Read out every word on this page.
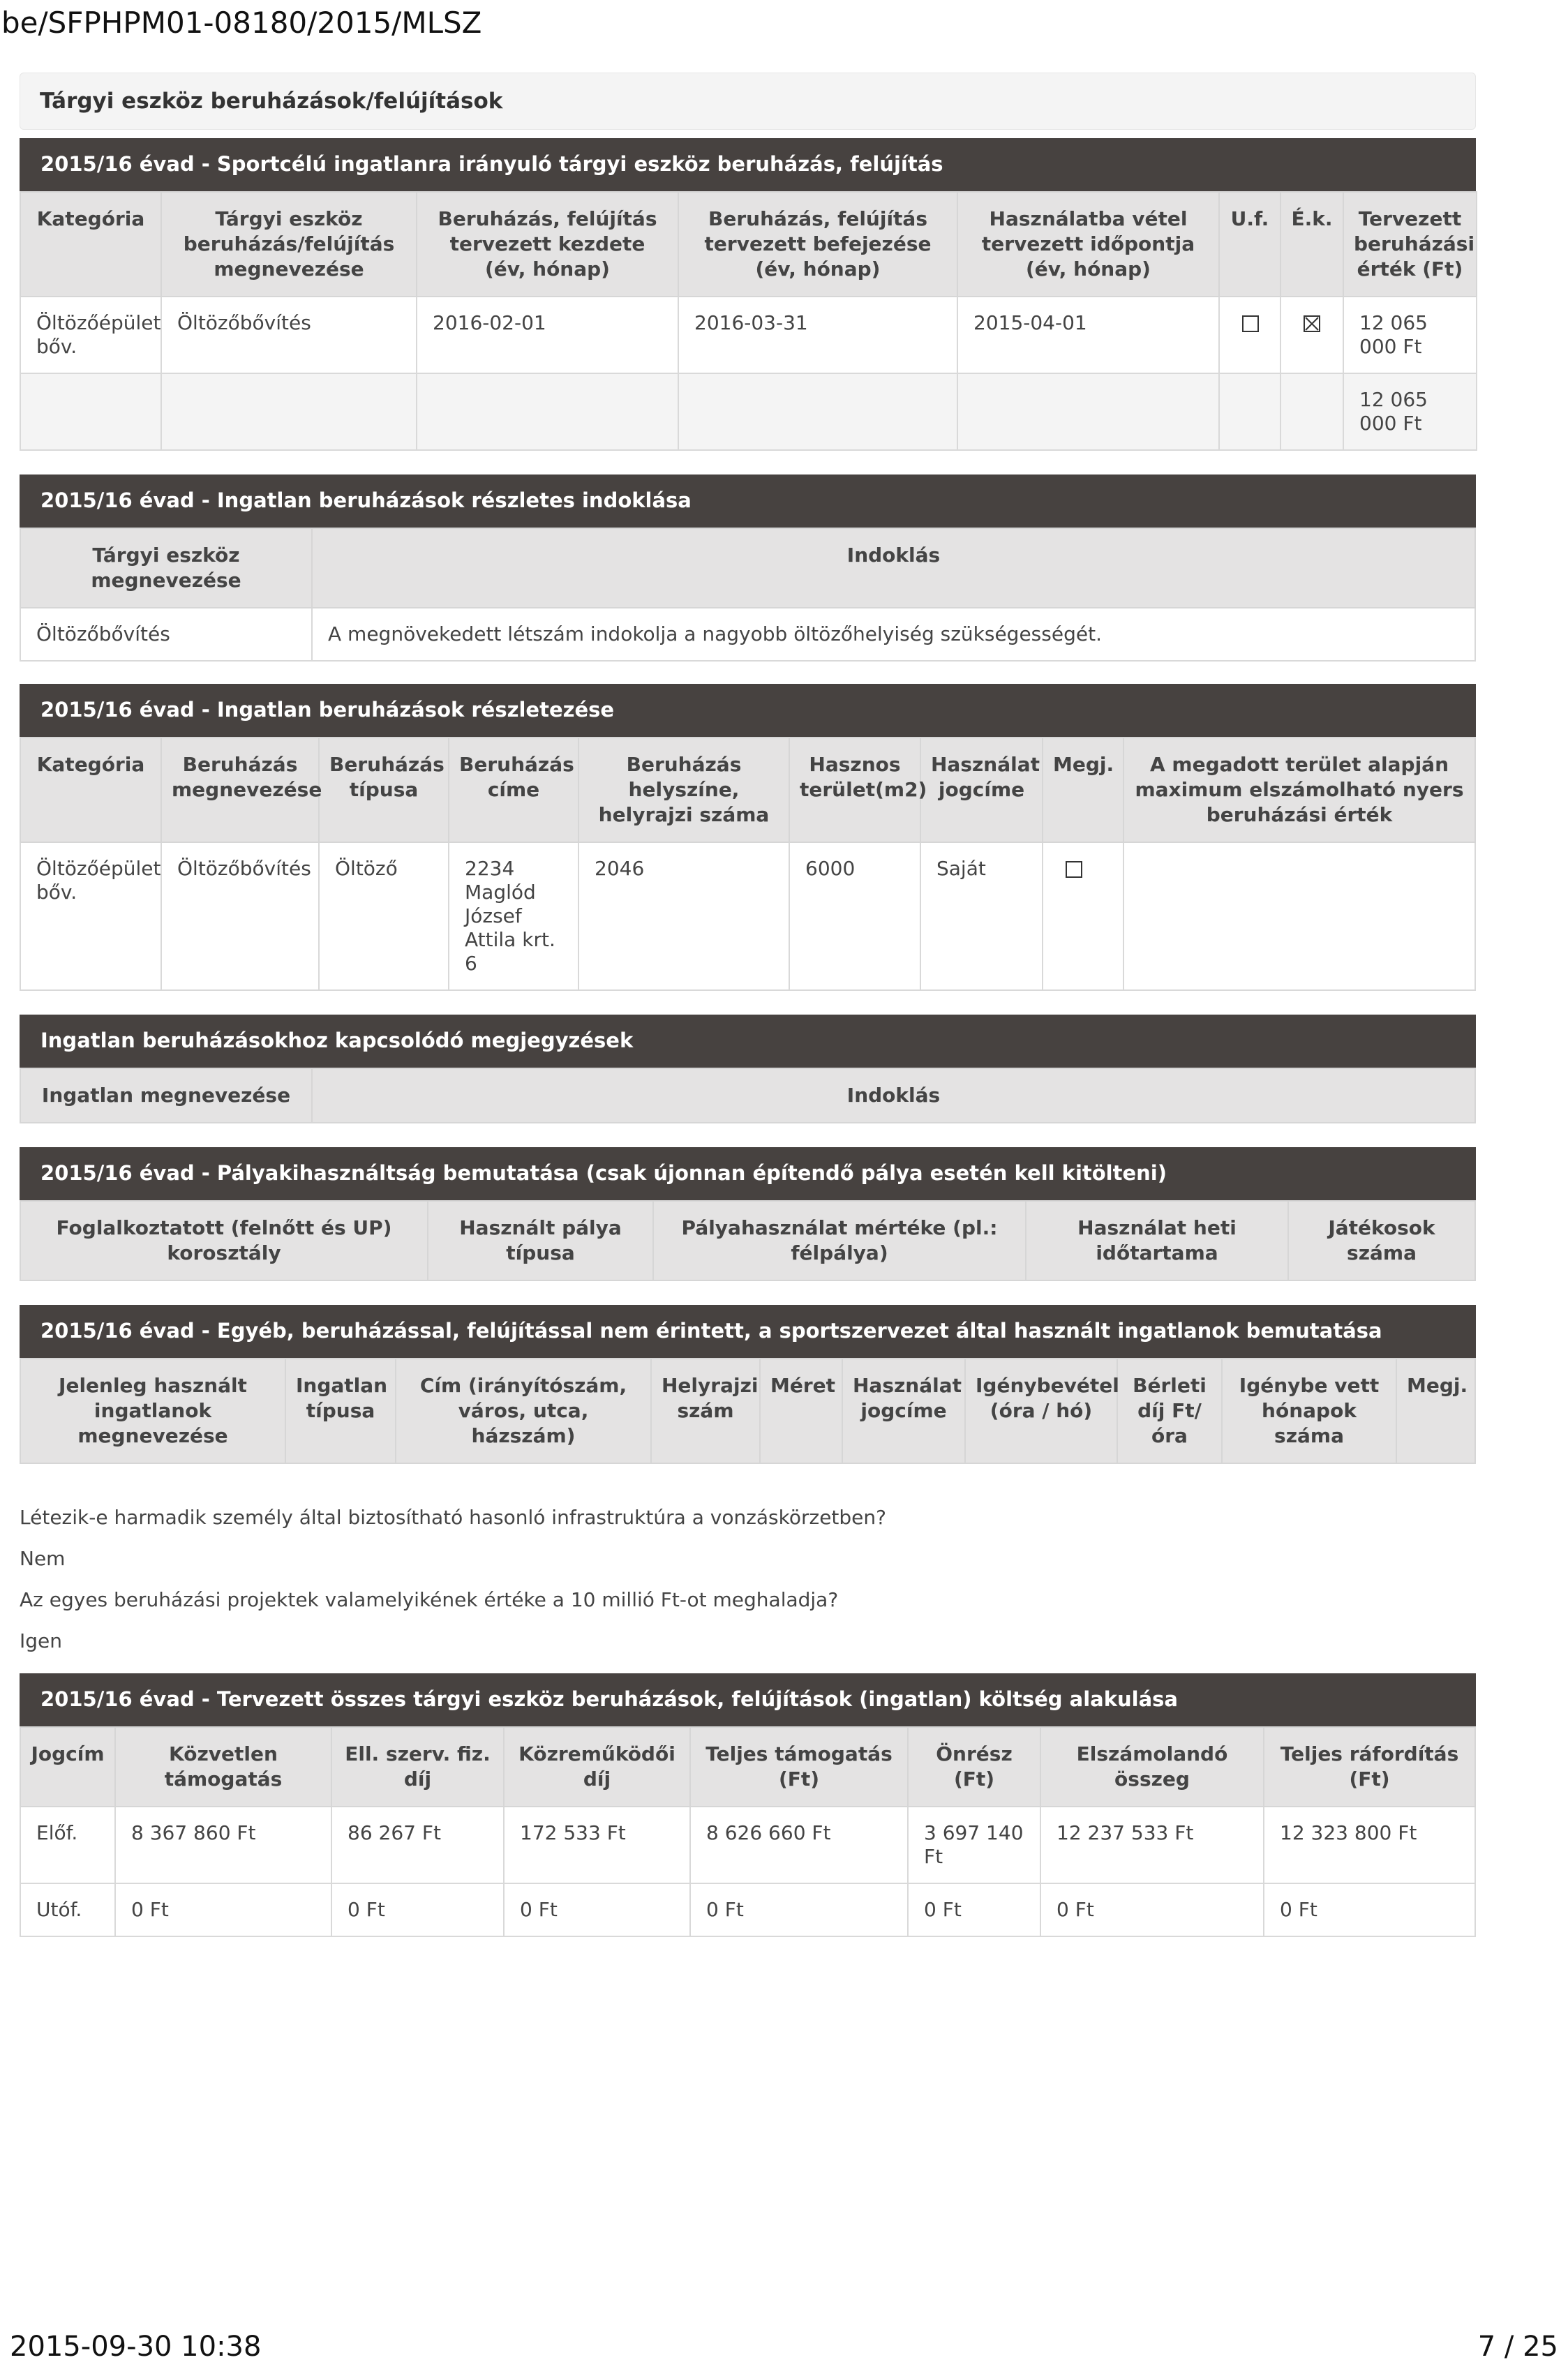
be/SFPHPM01-08180/2015/MLSZ
Tárgyi eszköz beruházások/felújítások
2015/16 évad - Sportcélú ingatlanra irányuló tárgyi eszköz beruházás, felújítás
Kategória	Tárgyi eszköz beruházás/felújítás megnevezése	Beruházás, felújítás tervezett kezdete (év, hónap)	Beruházás, felújítás tervezett befejezése (év, hónap)	Használatba vétel tervezett időpontja (év, hónap)	U.f.	É.k.	Tervezett beruházási érték (Ft)
Öltözőépület bőv.	Öltözőbővítés	2016-02-01	2016-03-31	2015-04-01			12 065 000 Ft
							12 065 000 Ft
2015/16 évad - Ingatlan beruházások részletes indoklása
Tárgyi eszköz megnevezése	Indoklás
Öltözőbővítés	A megnövekedett létszám indokolja a nagyobb öltözőhelyiség szükségességét.
2015/16 évad - Ingatlan beruházások részletezése
Kategória	Beruházás megnevezése	Beruházás típusa	Beruházás címe	Beruházás helyszíne, helyrajzi száma	Hasznos terület(m2)	Használat jogcíme	Megj.	A megadott terület alapján maximum elszámolható nyers beruházási érték
Öltözőépület bőv.	Öltözőbővítés	Öltöző	2234 Maglód József Attila krt. 6	2046	6000	Saját		
Ingatlan beruházásokhoz kapcsolódó megjegyzések
Ingatlan megnevezése	Indoklás
2015/16 évad - Pályakihasználtság bemutatása (csak újonnan építendő pálya esetén kell kitölteni)
Foglalkoztatott (felnőtt és UP) korosztály	Használt pálya típusa	Pályahasználat mértéke (pl.: félpálya)	Használat heti időtartama	Játékosok száma
2015/16 évad - Egyéb, beruházással, felújítással nem érintett, a sportszervezet által használt ingatlanok bemutatása
Jelenleg használt ingatlanok megnevezése	Ingatlan típusa	Cím (irányítószám, város, utca, házszám)	Helyrajzi szám	Méret	Használat jogcíme	Igénybevétel (óra / hó)	Bérleti díj Ft/óra	Igénybe vett hónapok száma	Megj.
Létezik-e harmadik személy által biztosítható hasonló infrastruktúra a vonzáskörzetben?
Nem
Az egyes beruházási projektek valamelyikének értéke a 10 millió Ft-ot meghaladja?
Igen
2015/16 évad - Tervezett összes tárgyi eszköz beruházások, felújítások (ingatlan) költség alakulása
Jogcím	Közvetlen támogatás	Ell. szerv. fiz. díj	Közreműködői díj	Teljes támogatás (Ft)	Önrész (Ft)	Elszámolandó összeg	Teljes ráfordítás (Ft)
Előf.	8 367 860 Ft	86 267 Ft	172 533 Ft	8 626 660 Ft	3 697 140 Ft	12 237 533 Ft	12 323 800 Ft
Utóf.	0 Ft	0 Ft	0 Ft	0 Ft	0 Ft	0 Ft	0 Ft
2015-09-30 10:38	7 / 25
